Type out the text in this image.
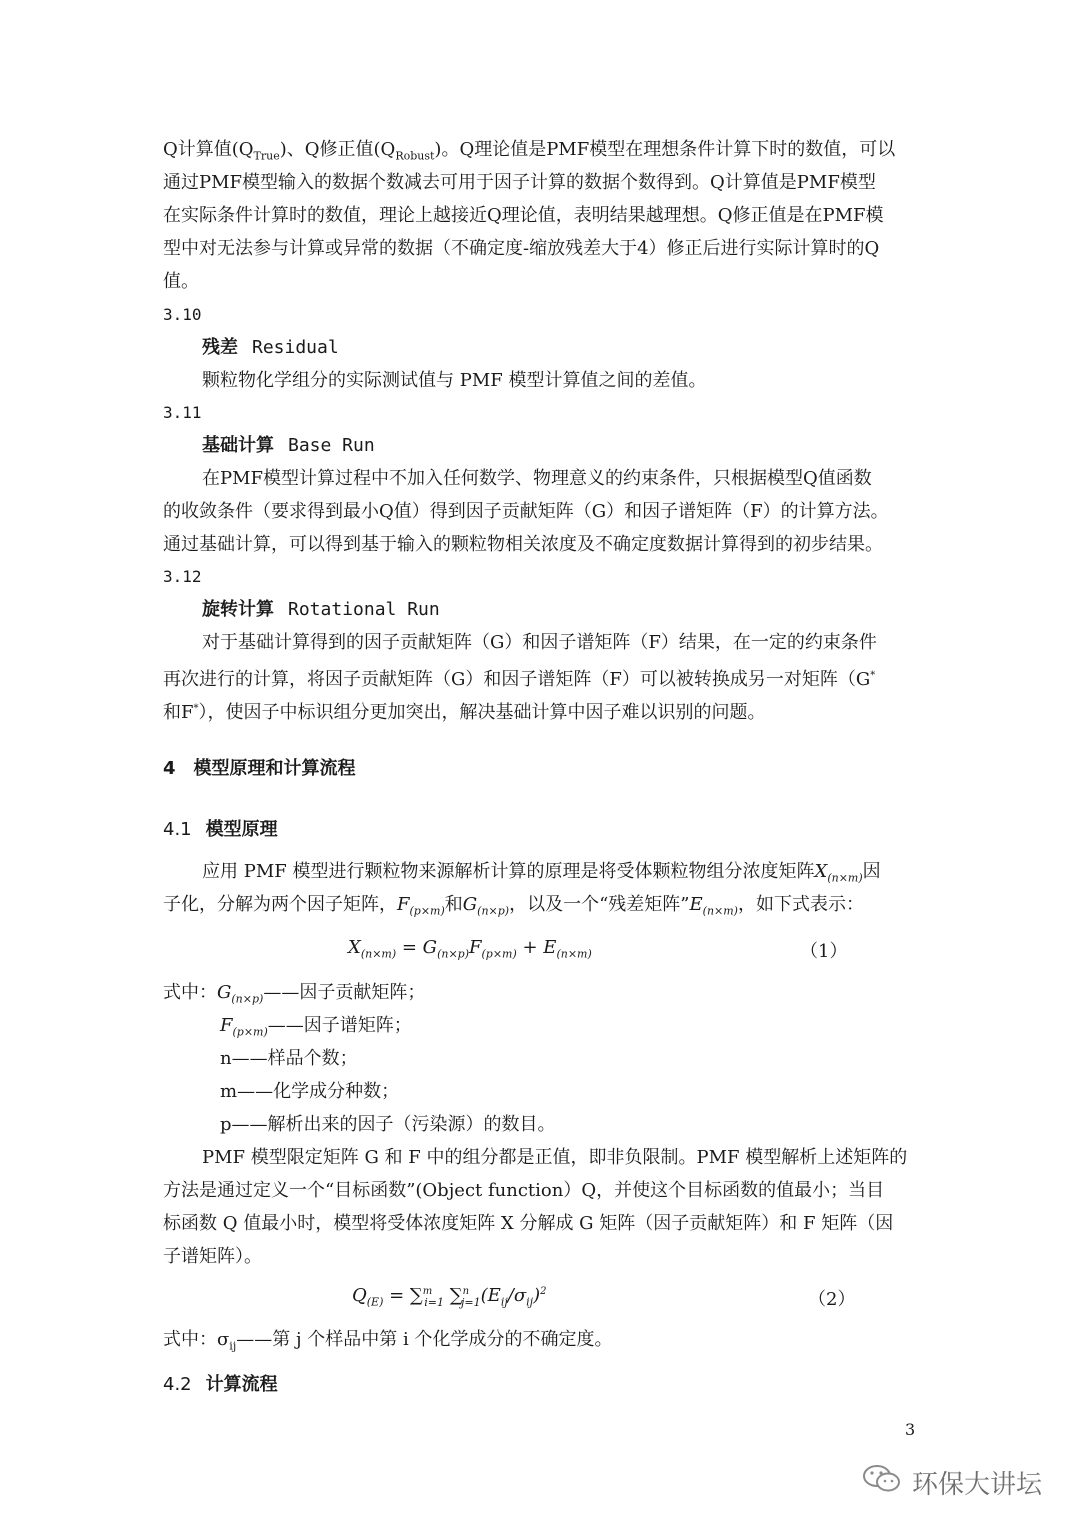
Q计算值$(Q_{True})$、Q修正值$(Q_{Robust})$。Q理论值是PMF模型在理想条件计算下时的数值，可以
通过PMF模型输入的数据个数减去可用于因子计算的数据个数得到。Q计算值是PMF模型
在实际条件计算时的数值，理论上越接近Q理论值，表明结果越理想。Q修正值是在PMF模
型中对无法参与计算或异常的数据（不确定度-缩放残差大于4）修正后进行实际计算时的Q
值。
3.10
残差 Residual
颗粒物化学组分的实际测试值与 PMF 模型计算值之间的差值。
3.11
基础计算 Base Run
在PMF模型计算过程中不加入任何数学、物理意义的约束条件，只根据模型Q值函数
的收敛条件（要求得到最小Q值）得到因子贡献矩阵（G）和因子谱矩阵（F）的计算方法。
通过基础计算，可以得到基于输入的颗粒物相关浓度及不确定度数据计算得到的初步结果。
3.12
旋转计算 Rotational Run
对于基础计算得到的因子贡献矩阵（G）和因子谱矩阵（F）结果，在一定的约束条件
再次进行的计算，将因子贡献矩阵（G）和因子谱矩阵（F）可以被转换成另一对矩阵（G*
和F*），使因子中标识组分更加突出，解决基础计算中因子难以识别的问题。
4 模型原理和计算流程
4.1 模型原理
应用 PMF 模型进行颗粒物来源解析计算的原理是将受体颗粒物组分浓度矩阵$X_{(n\times m)}$因
子化，分解为两个因子矩阵，$F_{(p\times m)}$和$G_{(n\times p)}$，以及一个“残差矩阵$”E_{(n\times m)}$，如下式表示：
$X_{(n\times m)} = G_{(n\times p)}F_{(p\times m)} + E_{(n\times m)}$	（1）
式中：$G_{(n\times p)}——$因子贡献矩阵；
$F_{(p\times m)}——$因子谱矩阵；
n——样品个数；
m——化学成分种数；
p——解析出来的因子（污染源）的数目。
PMF 模型限定矩阵 G 和 F 中的组分都是正值，即非负限制。PMF 模型解析上述矩阵的
方法是通过定义一个“目标函数”(Object function）Q，并使这个目标函数的值最小；当目
标函数 Q 值最小时，模型将受体浓度矩阵 X 分解成 G 矩阵（因子贡献矩阵）和 F 矩阵（因
子谱矩阵）。
$Q_{(E)} = \sum^m_{i=1}$ $\sum^n_{j=1}(E_{ij}/\sigma_{ij})^2$	（2）
式中：$\sigma_{ij}——$第 j 个样品中第 i 个化学成分的不确定度。
4.2 计算流程
3
环保大讲坛
